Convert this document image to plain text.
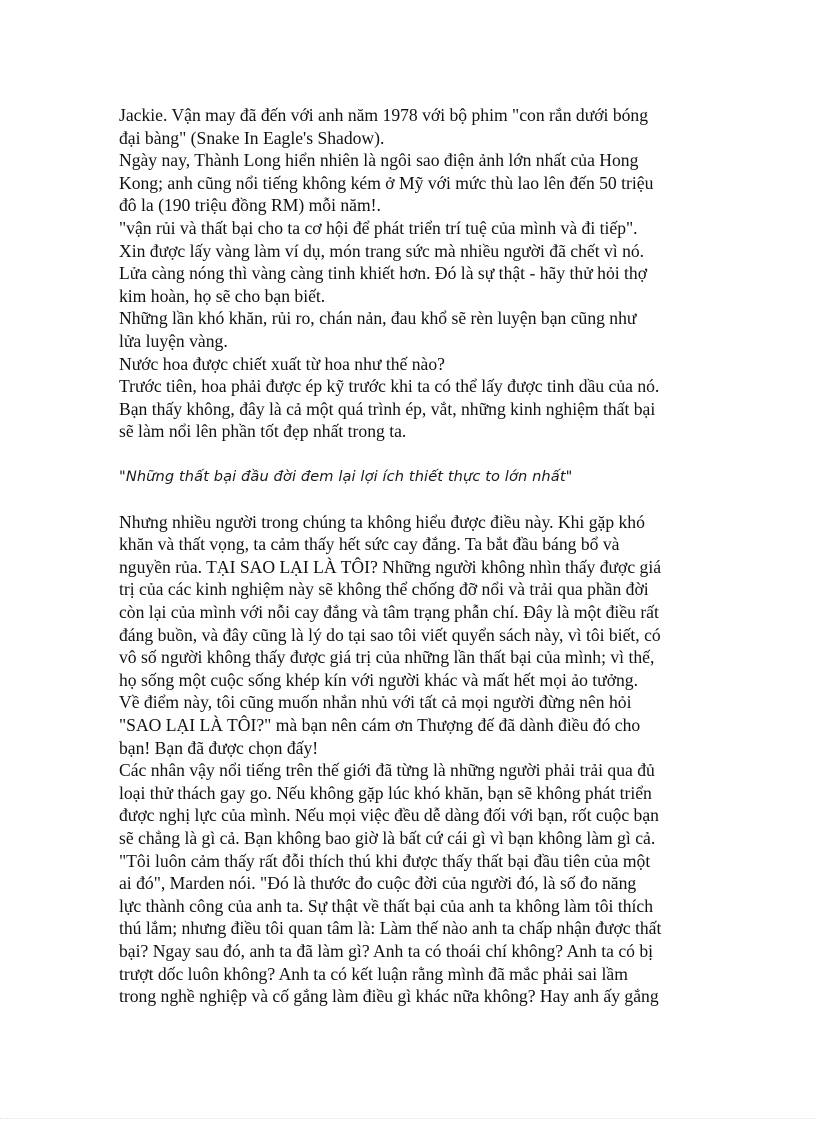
Jackie. Vận may đã đến với anh năm 1978 với bộ phim "con rắn dưới bóng
đại bàng" (Snake In Eagle's Shadow).
Ngày nay, Thành Long hiển nhiên là ngôi sao điện ảnh lớn nhất của Hong
Kong; anh cũng nổi tiếng không kém ở Mỹ với mức thù lao lên đến 50 triệu
đô la (190 triệu đồng RM) mỗi năm!.
"vận rủi và thất bại cho ta cơ hội để phát triển trí tuệ của mình và đi tiếp".
Xin được lấy vàng làm ví dụ, món trang sức mà nhiều người đã chết vì nó.
Lửa càng nóng thì vàng càng tinh khiết hơn. Đó là sự thật - hãy thử hỏi thợ
kim hoàn, họ sẽ cho bạn biết.
Những lần khó khăn, rủi ro, chán nản, đau khổ sẽ rèn luyện bạn cũng như
lửa luyện vàng.
Nước hoa được chiết xuất từ hoa như thế nào?
Trước tiên, hoa phải được ép kỹ trước khi ta có thể lấy được tinh dầu của nó.
Bạn thấy không, đây là cả một quá trình ép, vắt, những kinh nghiệm thất bại
sẽ làm nổi lên phần tốt đẹp nhất trong ta.
"Những thất bại đầu đời đem lại lợi ích thiết thực to lớn nhất"
Nhưng nhiều người trong chúng ta không hiểu được điều này. Khi gặp khó
khăn và thất vọng, ta cảm thấy hết sức cay đắng. Ta bắt đầu báng bổ và
nguyền rủa. TẠI SAO LẠI LÀ TÔI? Những người không nhìn thấy được giá
trị của các kinh nghiệm này sẽ không thể chống đỡ nổi và trải qua phần đời
còn lại của mình với nỗi cay đắng và tâm trạng phẫn chí. Đây là một điều rất
đáng buồn, và đây cũng là lý do tại sao tôi viết quyển sách này, vì tôi biết, có
vô số người không thấy được giá trị của những lần thất bại của mình; vì thế,
họ sống một cuộc sống khép kín với người khác và mất hết mọi ảo tưởng.
Về điểm này, tôi cũng muốn nhắn nhủ với tất cả mọi người đừng nên hỏi
"SAO LẠI LÀ TÔI?" mà bạn nên cám ơn Thượng đế đã dành điều đó cho
bạn! Bạn đã được chọn đấy!
Các nhân vậy nổi tiếng trên thế giới đã từng là những người phải trải qua đủ
loại thử thách gay go. Nếu không gặp lúc khó khăn, bạn sẽ không phát triển
được nghị lực của mình. Nếu mọi việc đều dễ dàng đối với bạn, rốt cuộc bạn
sẽ chẳng là gì cả. Bạn không bao giờ là bất cứ cái gì vì bạn không làm gì cả.
"Tôi luôn cảm thấy rất đỗi thích thú khi được thấy thất bại đầu tiên của một
ai đó", Marden nói. "Đó là thước đo cuộc đời của người đó, là số đo năng
lực thành công của anh ta. Sự thật về thất bại của anh ta không làm tôi thích
thú lắm; nhưng điều tôi quan tâm là: Làm thế nào anh ta chấp nhận được thất
bại? Ngay sau đó, anh ta đã làm gì? Anh ta có thoái chí không? Anh ta có bị
trượt dốc luôn không? Anh ta có kết luận rằng mình đã mắc phải sai lầm
trong nghề nghiệp và cố gắng làm điều gì khác nữa không? Hay anh ấy gắng
